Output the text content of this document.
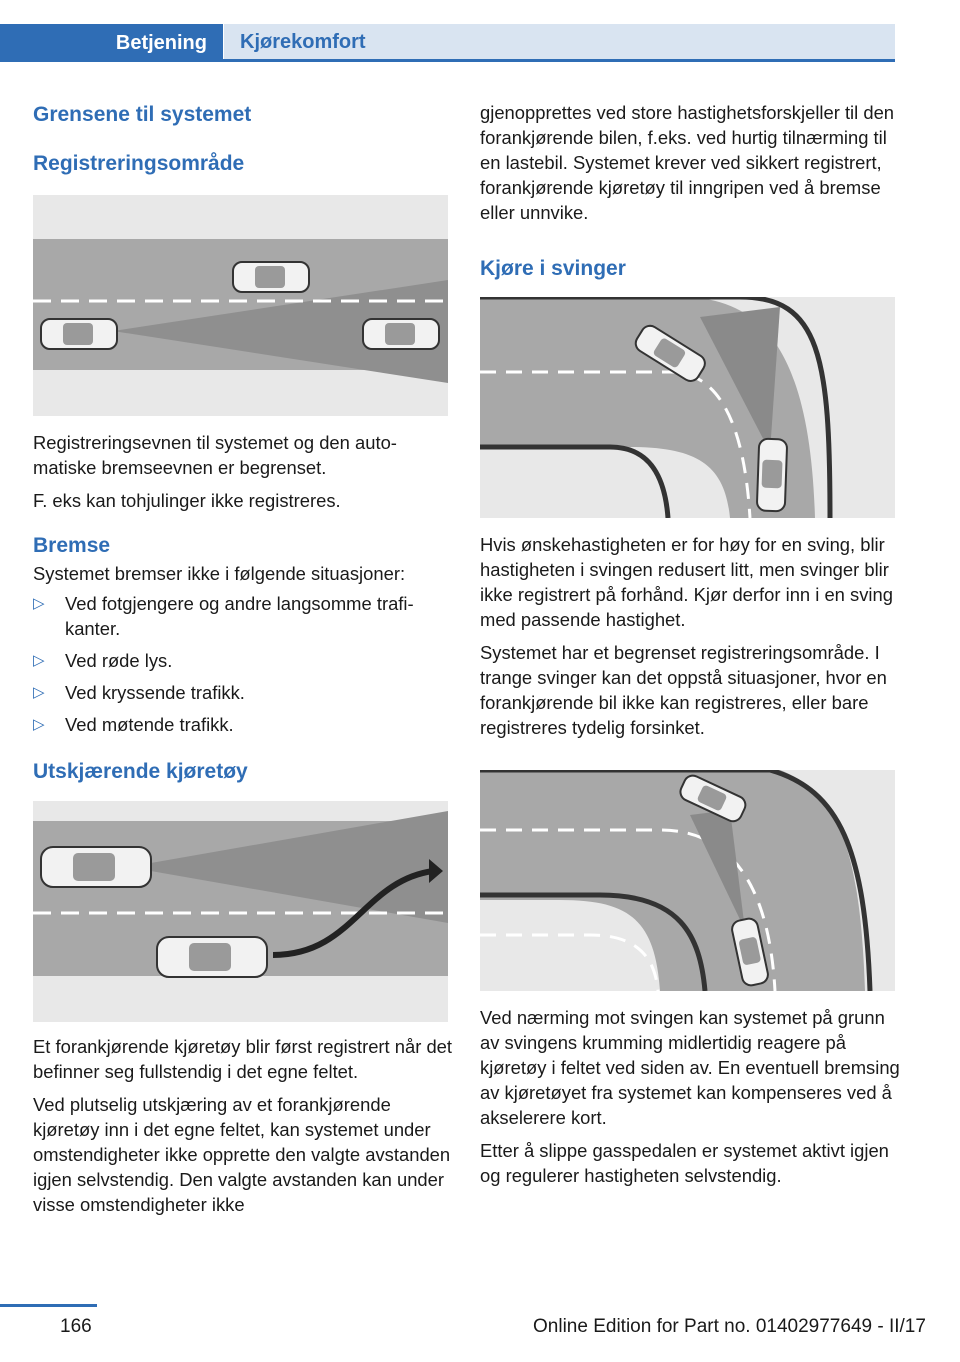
Betjening	Kjørekomfort
Grensene til systemet
Registreringsområde

Registreringsevnen til systemet og den automatiske bremseevnen er begrenset.

F. eks kan tohjulinger ikke registreres.

Bremse

Systemet bremser ikke i følgende situasjoner:

▷ Ved fotgjengere og andre langsomme trafikanter.
▷ Ved røde lys.
▷ Ved kryssende trafikk.
▷ Ved møtende trafikk.
Utskjærende kjøretøy

Et forankjørende kjøretøy blir først registrert når det befinner seg fullstendig i det egne feltet.

Ved plutselig utskjæring av et forankjørende kjøretøy inn i det egne feltet, kan systemet under omstendigheter ikke opprette den valgte avstanden igjen selvstendig. Den valgte avstanden kan under visse omstendigheter ikke

gjenopprettes ved store hastighetsforskjeller til den forankjørende bilen, f.eks. ved hurtig tilnærming til en lastebil. Systemet krever ved sikkert registrert, forankjørende kjøretøy til inngripen ved å bremse eller unnvike.

Kjøre i svinger

Hvis ønskehastigheten er for høy for en sving, blir hastigheten i svingen redusert litt, men svinger blir ikke registrert på forhånd. Kjør derfor inn i en sving med passende hastighet.

Systemet har et begrenset registreringsområde. I trange svinger kan det oppstå situasjoner, hvor en forankjørende bil ikke kan registreres, eller bare registreres tydelig forsinket.

Ved nærming mot svingen kan systemet på grunn av svingens krumming midlertidig reagere på kjøretøy i feltet ved siden av. En eventuell bremsing av kjøretøyet fra systemet kan kompenseres ved å akselerere kort.

Etter å slippe gasspedalen er systemet aktivt igjen og regulerer hastigheten selvstendig.

166	Online Edition for Part no. 01402977649 - II/17
